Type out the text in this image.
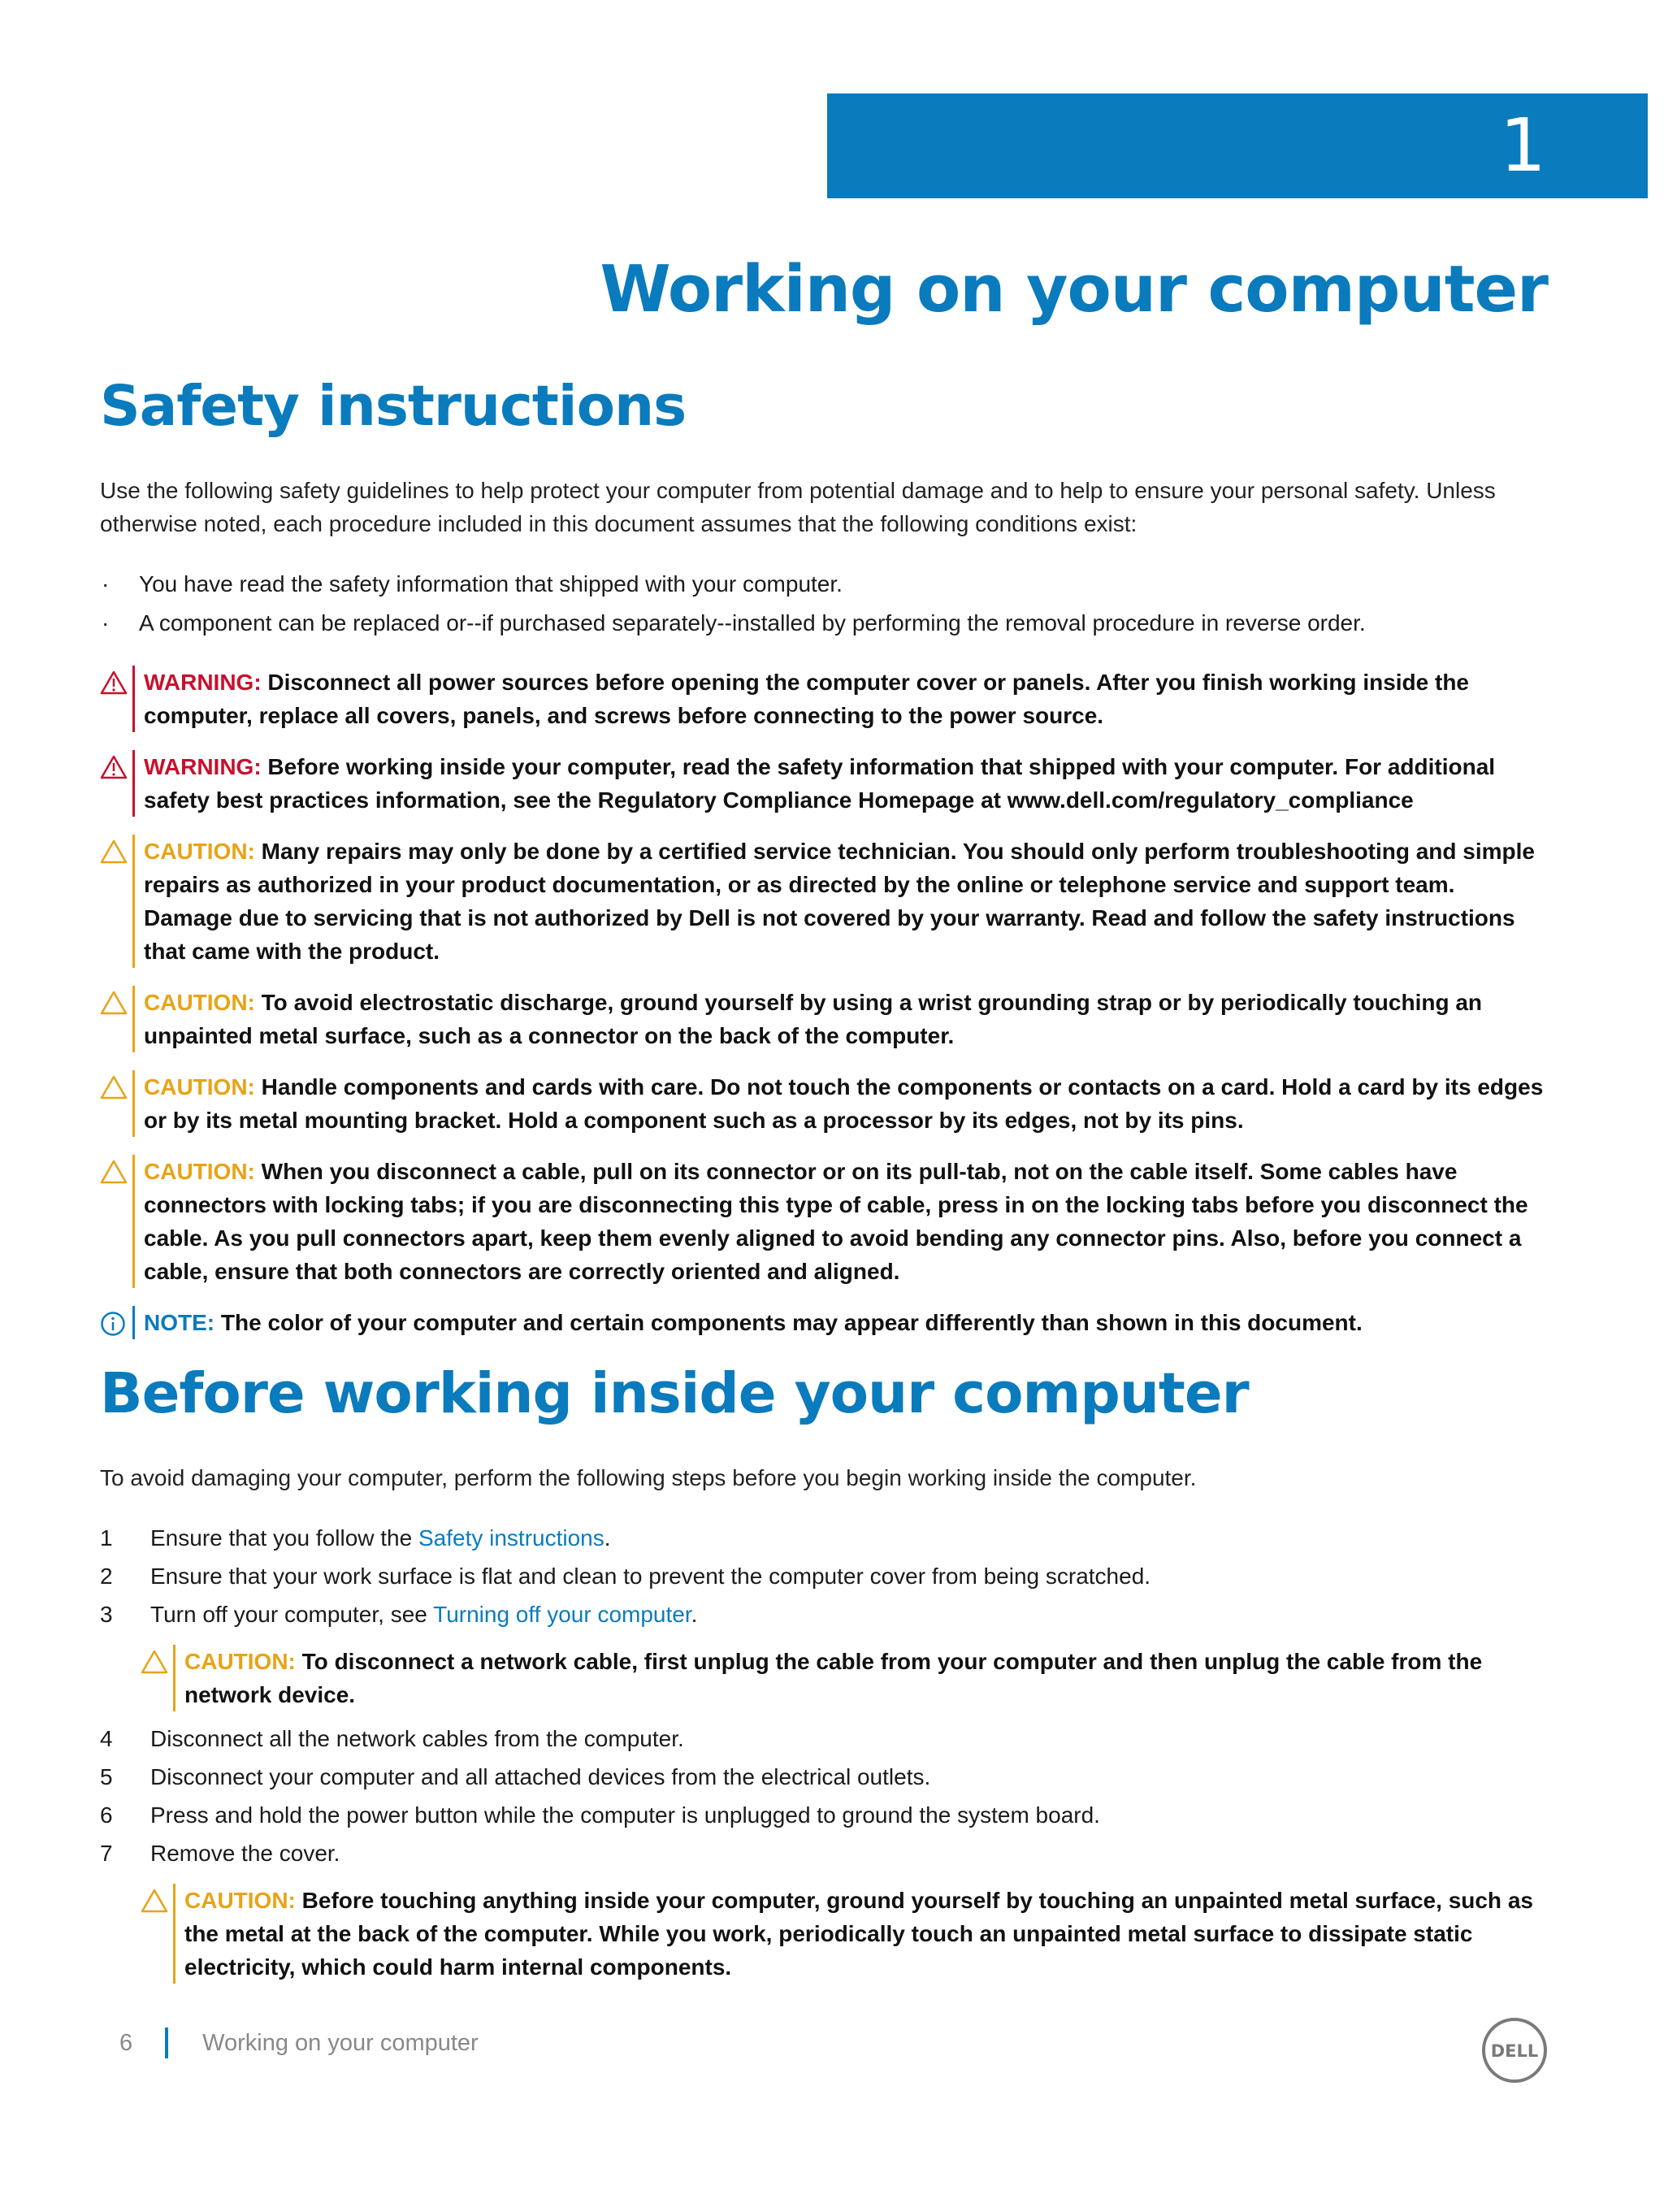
1
Working on your computer
Safety instructions

Use the following safety guidelines to help protect your computer from potential damage and to help to ensure your personal safety. Unless otherwise noted, each procedure included in this document assumes that the following conditions exist:

· You have read the safety information that shipped with your computer.
· A component can be replaced or--if purchased separately--installed by performing the removal procedure in reverse order.
WARNING: Disconnect all power sources before opening the computer cover or panels. After you finish working inside the computer, replace all covers, panels, and screws before connecting to the power source.
WARNING: Before working inside your computer, read the safety information that shipped with your computer. For additional safety best practices information, see the Regulatory Compliance Homepage at www.dell.com/regulatory_compliance
CAUTION: Many repairs may only be done by a certified service technician. You should only perform troubleshooting and simple repairs as authorized in your product documentation, or as directed by the online or telephone service and support team. Damage due to servicing that is not authorized by Dell is not covered by your warranty. Read and follow the safety instructions that came with the product.
CAUTION: To avoid electrostatic discharge, ground yourself by using a wrist grounding strap or by periodically touching an unpainted metal surface, such as a connector on the back of the computer.
CAUTION: Handle components and cards with care. Do not touch the components or contacts on a card. Hold a card by its edges or by its metal mounting bracket. Hold a component such as a processor by its edges, not by its pins.
CAUTION: When you disconnect a cable, pull on its connector or on its pull-tab, not on the cable itself. Some cables have connectors with locking tabs; if you are disconnecting this type of cable, press in on the locking tabs before you disconnect the cable. As you pull connectors apart, keep them evenly aligned to avoid bending any connector pins. Also, before you connect a cable, ensure that both connectors are correctly oriented and aligned.
NOTE: The color of your computer and certain components may appear differently than shown in this document.
Before working inside your computer

To avoid damaging your computer, perform the following steps before you begin working inside the computer.

1 Ensure that you follow the Safety instructions.
2 Ensure that your work surface is flat and clean to prevent the computer cover from being scratched.
3 Turn off your computer, see Turning off your computer.
CAUTION: To disconnect a network cable, first unplug the cable from your computer and then unplug the cable from the network device.
4 Disconnect all the network cables from the computer.
5 Disconnect your computer and all attached devices from the electrical outlets.
6 Press and hold the power button while the computer is unplugged to ground the system board.
7 Remove the cover.
CAUTION: Before touching anything inside your computer, ground yourself by touching an unpainted metal surface, such as the metal at the back of the computer. While you work, periodically touch an unpainted metal surface to dissipate static electricity, which could harm internal components.
6	Working on your computer	DELL
